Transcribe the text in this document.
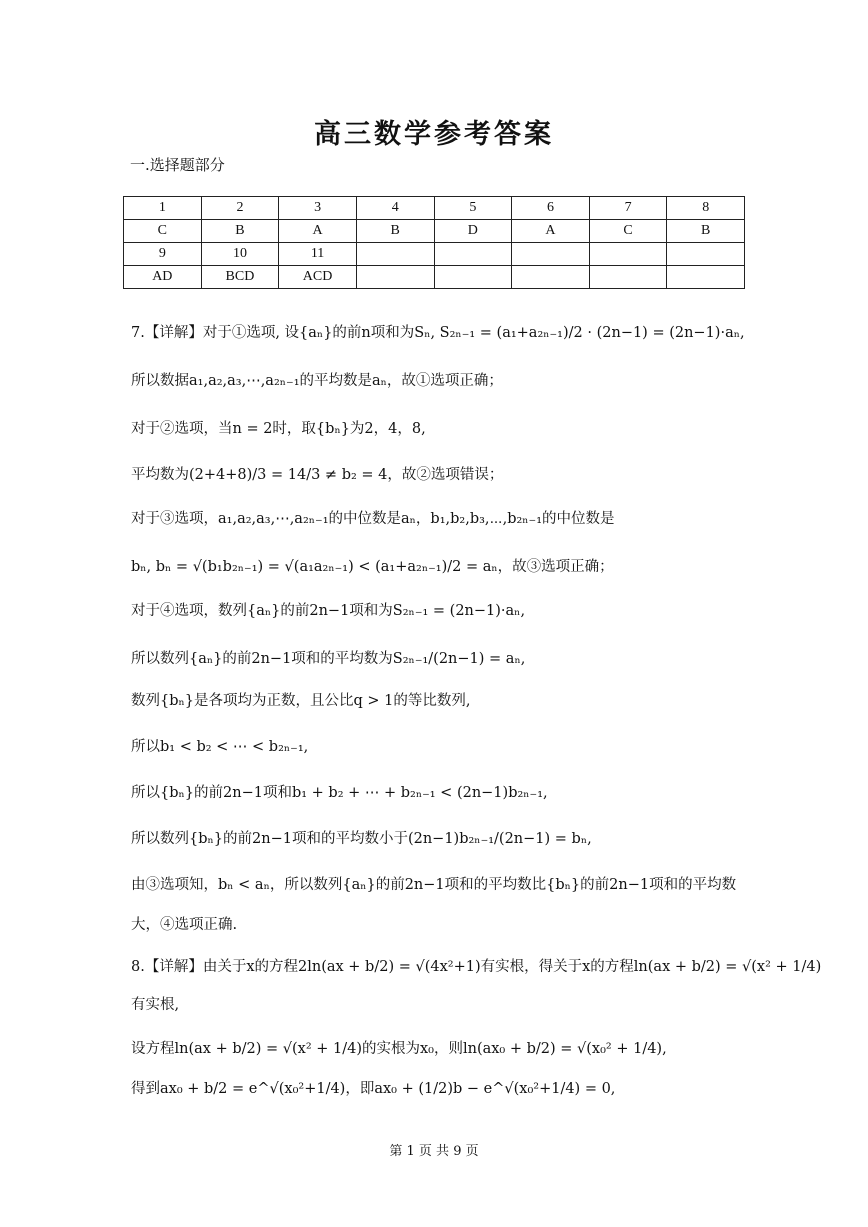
高三数学参考答案
一.选择题部分
1	2	3	4	5	6	7	8
C	B	A	B	D	A	C	B
9	10	11					
AD	BCD	ACD					
7.【详解】对于①选项, 设{aₙ}的前n项和为Sₙ, S₂ₙ₋₁ = (a₁+a₂ₙ₋₁)/2 · (2n−1) = (2n−1)·aₙ,
所以数据a₁,a₂,a₃,⋯,a₂ₙ₋₁的平均数是aₙ，故①选项正确；
对于②选项，当n = 2时，取{bₙ}为2，4，8,
平均数为(2+4+8)/3 = 14/3 ≠ b₂ = 4，故②选项错误；
对于③选项，a₁,a₂,a₃,⋯,a₂ₙ₋₁的中位数是aₙ，b₁,b₂,b₃,⋯,b₂ₙ₋₁的中位数是
bₙ, bₙ = √(b₁b₂ₙ₋₁) = √(a₁a₂ₙ₋₁) < (a₁+a₂ₙ₋₁)/2 = aₙ，故③选项正确；
对于④选项，数列{aₙ}的前2n−1项和为S₂ₙ₋₁ = (2n−1)·aₙ,
所以数列{aₙ}的前2n−1项和的平均数为S₂ₙ₋₁/(2n−1) = aₙ,
数列{bₙ}是各项均为正数，且公比q > 1的等比数列,
所以b₁ < b₂ < ⋯ < b₂ₙ₋₁,
所以{bₙ}的前2n−1项和b₁ + b₂ + ⋯ + b₂ₙ₋₁ < (2n−1)b₂ₙ₋₁,
所以数列{bₙ}的前2n−1项和的平均数小于(2n−1)b₂ₙ₋₁/(2n−1) = bₙ,
由③选项知，bₙ < aₙ，所以数列{aₙ}的前2n−1项和的平均数比{bₙ}的前2n−1项和的平均数
大，④选项正确.
8.【详解】由关于x的方程2ln(ax + b/2) = √(4x²+1)有实根，得关于x的方程ln(ax + b/2) = √(x² + 1/4)
有实根,
设方程ln(ax + b/2) = √(x² + 1/4)的实根为x₀，则ln(ax₀ + b/2) = √(x₀² + 1/4),
得到ax₀ + b/2 = e^√(x₀²+1/4)，即ax₀ + (1/2)b − e^√(x₀²+1/4) = 0,
第 1 页 共 9 页
